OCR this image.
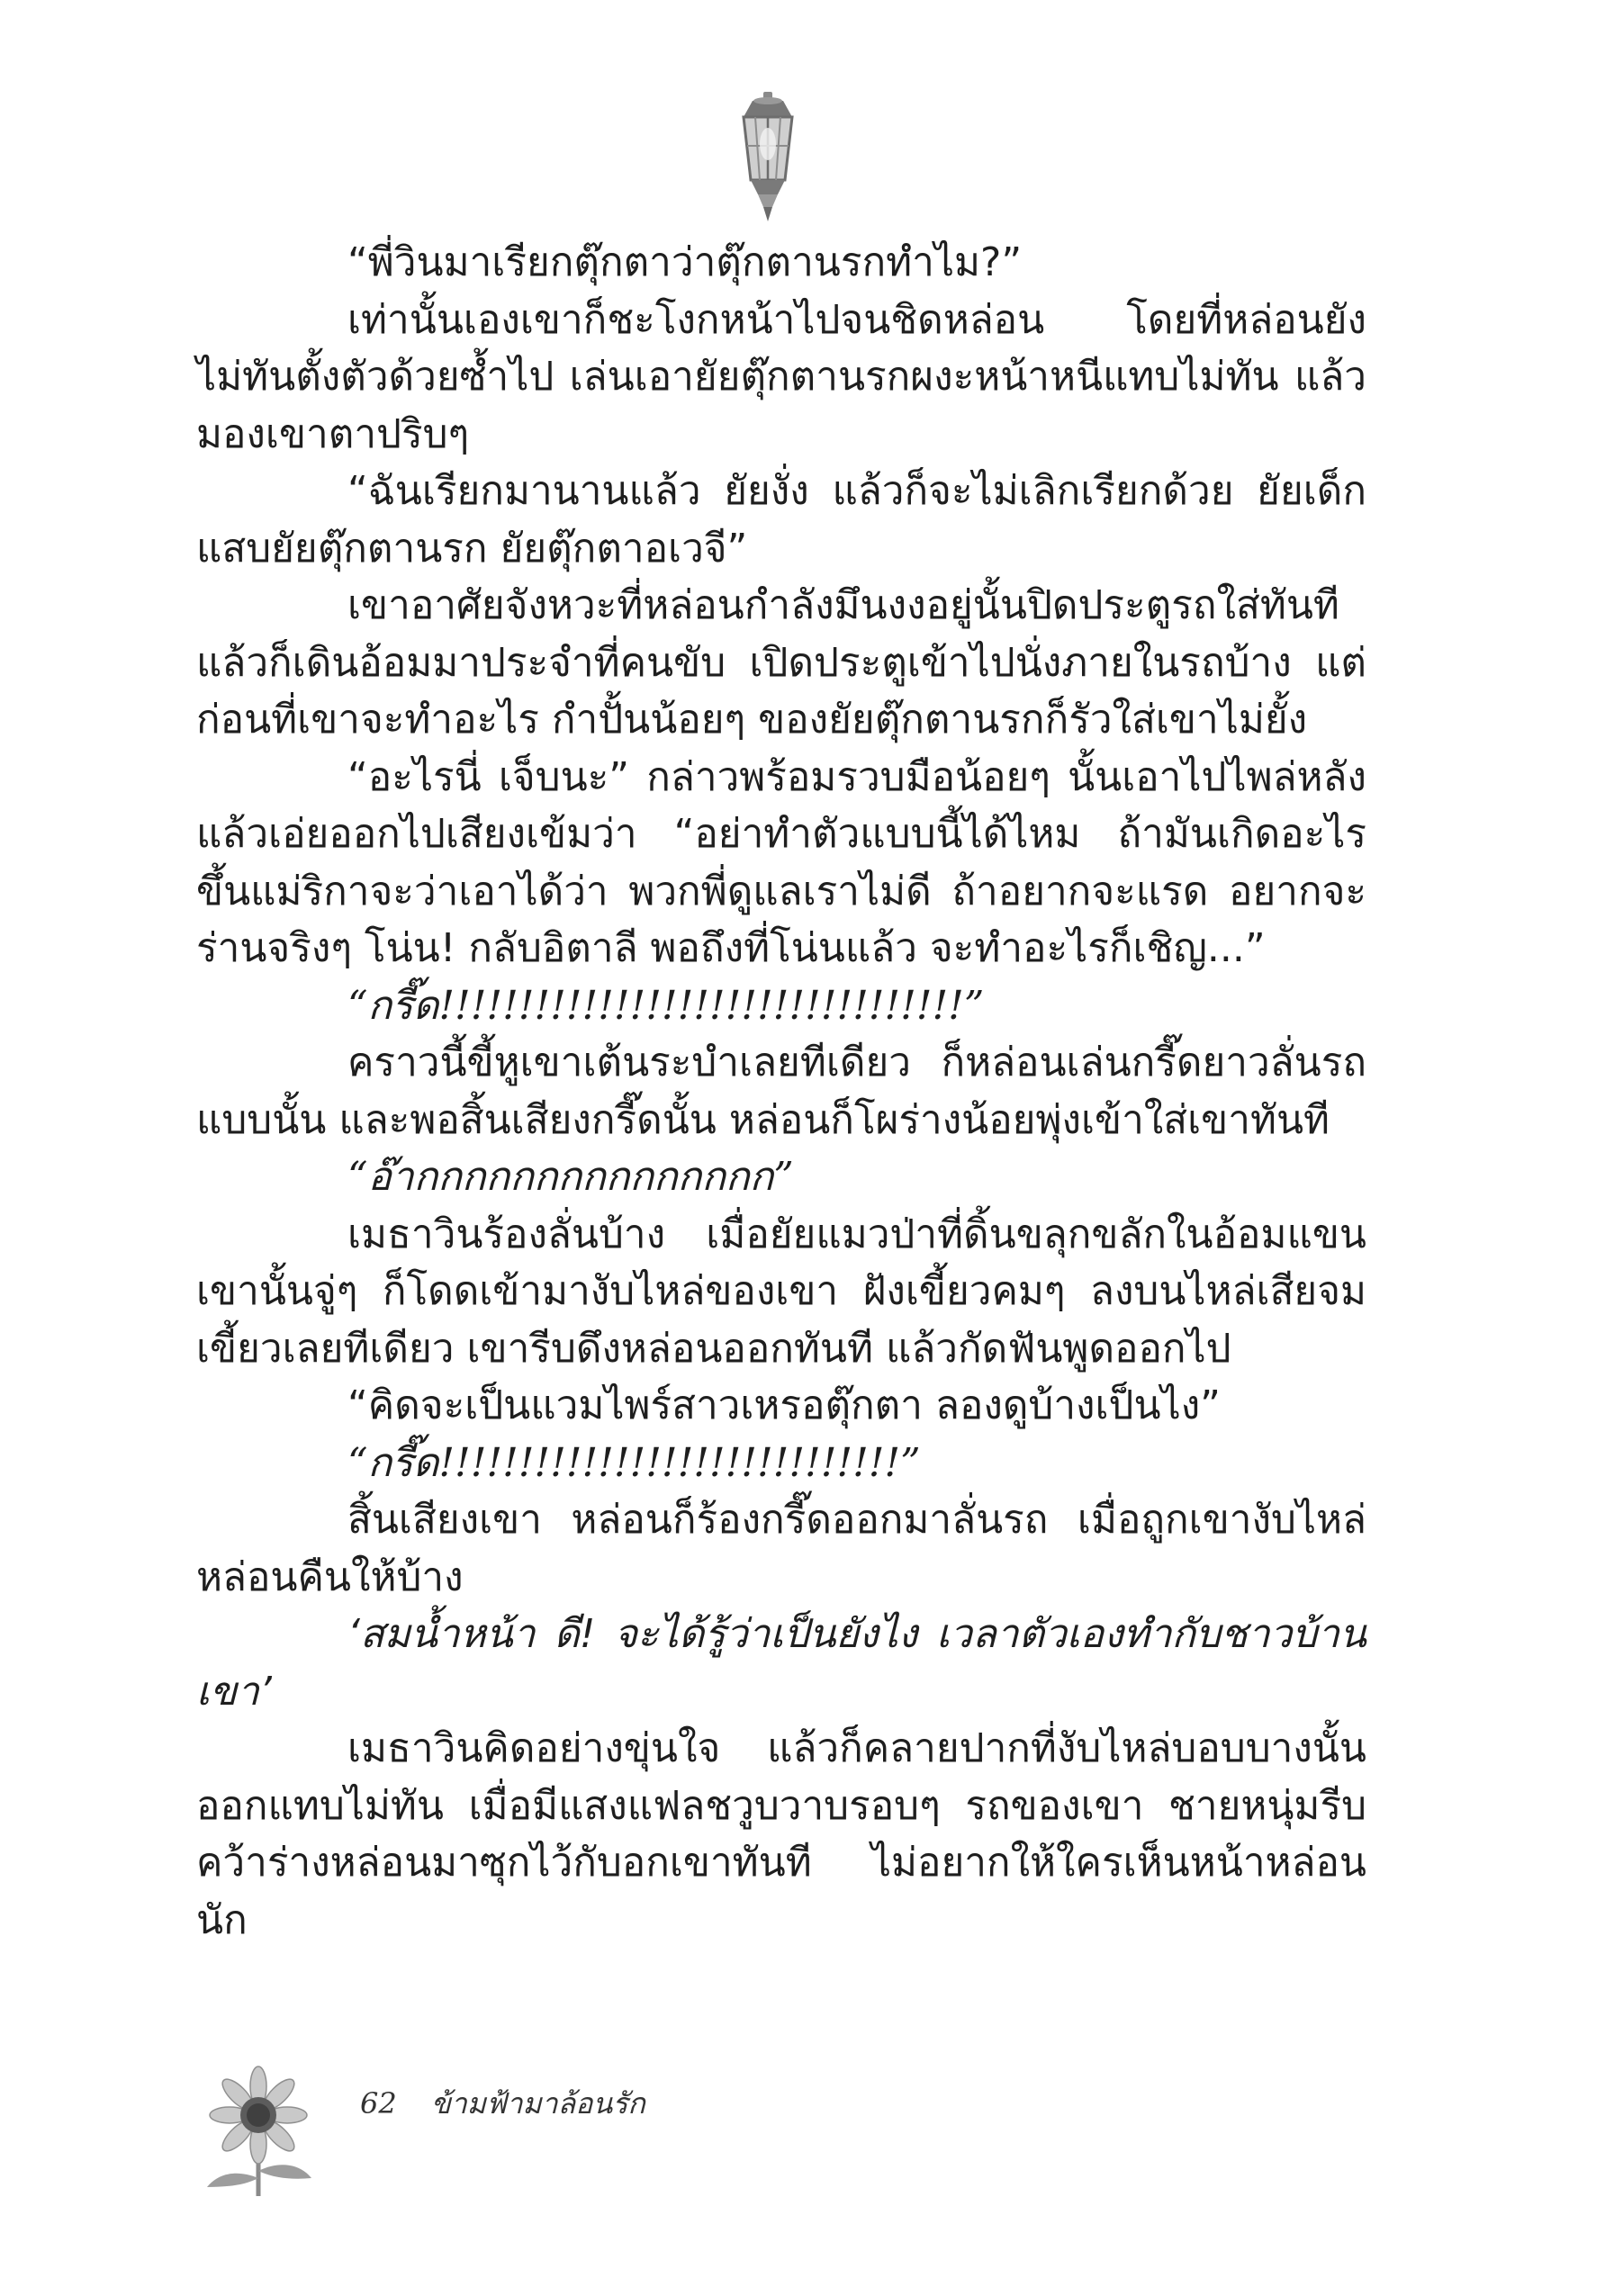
“พี่วินมาเรียกตุ๊กตาว่าตุ๊กตานรกทำไม?”

เท่านั้นเองเขาก็ชะโงกหน้าไปจนชิดหล่อน โดยที่หล่อนยังไม่ทันตั้งตัวด้วยซ้ำไป เล่นเอายัยตุ๊กตานรกผงะหน้าหนีแทบไม่ทัน แล้วมองเขาตาปริบๆ

“ฉันเรียกมานานแล้ว ยัยงั่ง แล้วก็จะไม่เลิกเรียกด้วย ยัยเด็กแสบยัยตุ๊กตานรก ยัยตุ๊กตาอเวจี”

เขาอาศัยจังหวะที่หล่อนกำลังมึนงงอยู่นั้นปิดประตูรถใส่ทันทีแล้วก็เดินอ้อมมาประจำที่คนขับ เปิดประตูเข้าไปนั่งภายในรถบ้าง แต่ก่อนที่เขาจะทำอะไร กำปั้นน้อยๆ ของยัยตุ๊กตานรกก็รัวใส่เขาไม่ยั้ง

“อะไรนี่ เจ็บนะ” กล่าวพร้อมรวบมือน้อยๆ นั้นเอาไปไพล่หลังแล้วเอ่ยออกไปเสียงเข้มว่า “อย่าทำตัวแบบนี้ได้ไหม ถ้ามันเกิดอะไรขึ้นแม่ริกาจะว่าเอาได้ว่า พวกพี่ดูแลเราไม่ดี ถ้าอยากจะแรด อยากจะร่านจริงๆ โน่น! กลับอิตาลี พอถึงที่โน่นแล้ว จะทำอะไรก็เชิญ...”

“กรี๊ด!!!!!!!!!!!!!!!!!!!!!!!!!!!!!!!!!”

คราวนี้ขี้หูเขาเต้นระบำเลยทีเดียว ก็หล่อนเล่นกรี๊ดยาวลั่นรถแบบนั้น และพอสิ้นเสียงกรี๊ดนั้น หล่อนก็โผร่างน้อยพุ่งเข้าใส่เขาทันที

“อ๊ากกกกกกกกกกกกกกก”

เมธาวินร้องลั่นบ้าง เมื่อยัยแมวป่าที่ดิ้นขลุกขลักในอ้อมแขนเขานั้นจู่ๆ ก็โดดเข้ามางับไหล่ของเขา ฝังเขี้ยวคมๆ ลงบนไหล่เสียจมเขี้ยวเลยทีเดียว เขารีบดึงหล่อนออกทันที แล้วกัดฟันพูดออกไป

“คิดจะเป็นแวมไพร์สาวเหรอตุ๊กตา ลองดูบ้างเป็นไง”

“กรี๊ด!!!!!!!!!!!!!!!!!!!!!!!!!!!!!”

สิ้นเสียงเขา หล่อนก็ร้องกรี๊ดออกมาลั่นรถ เมื่อถูกเขางับไหล่หล่อนคืนให้บ้าง

‘สมน้ำหน้า ดี! จะได้รู้ว่าเป็นยังไง เวลาตัวเองทำกับชาวบ้านเขา’

เมธาวินคิดอย่างขุ่นใจ แล้วก็คลายปากที่งับไหล่บอบบางนั้นออกแทบไม่ทัน เมื่อมีแสงแฟลชวูบวาบรอบๆ รถของเขา ชายหนุ่มรีบคว้าร่างหล่อนมาซุกไว้กับอกเขาทันที ไม่อยากให้ใครเห็นหน้าหล่อนนัก

62 ข้ามฟ้ามาล้อนรัก
